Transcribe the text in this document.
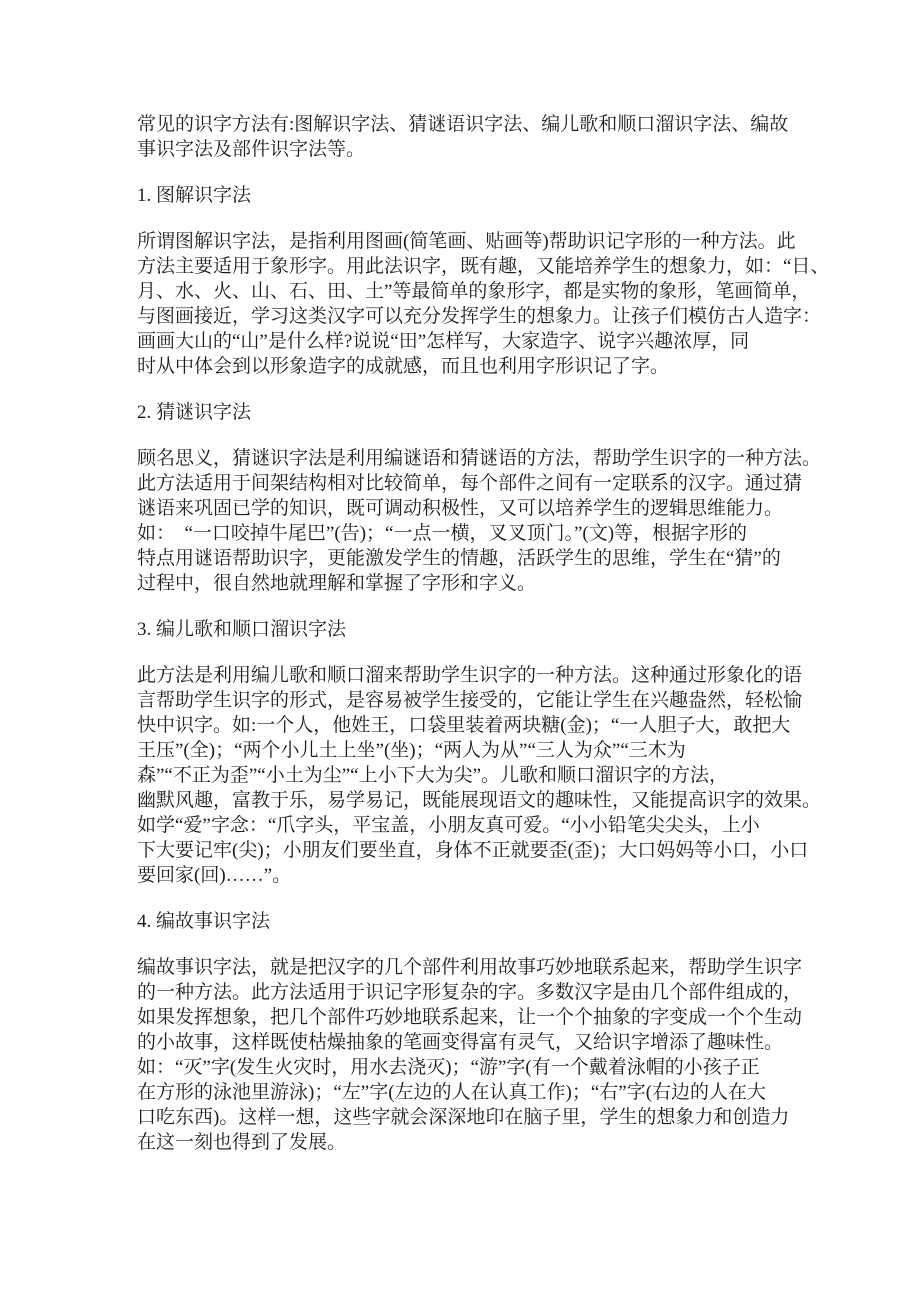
常见的识字方法有:图解识字法、猜谜语识字法、编儿歌和顺口溜识字法、编故
事识字法及部件识字法等。
1. 图解识字法
所谓图解识字法，是指利用图画(简笔画、贴画等)帮助识记字形的一种方法。此
方法主要适用于象形字。用此法识字，既有趣，又能培养学生的想象力，如：“日、
月、水、火、山、石、田、土”等最简单的象形字，都是实物的象形，笔画简单，
与图画接近，学习这类汉字可以充分发挥学生的想象力。让孩子们模仿古人造字：
画画大山的“山”是什么样?说说“田”怎样写，大家造字、说字兴趣浓厚，同
时从中体会到以形象造字的成就感，而且也利用字形识记了字。
2. 猜谜识字法
顾名思义，猜谜识字法是利用编谜语和猜谜语的方法，帮助学生识字的一种方法。
此方法适用于间架结构相对比较简单，每个部件之间有一定联系的汉字。通过猜
谜语来巩固已学的知识，既可调动积极性，又可以培养学生的逻辑思维能力。
如：　“一口咬掉牛尾巴”(告)；“一点一横，叉叉顶门。”(文)等，根据字形的
特点用谜语帮助识字，更能激发学生的情趣，活跃学生的思维，学生在“猜”的
过程中，很自然地就理解和掌握了字形和字义。
3. 编儿歌和顺口溜识字法
此方法是利用编儿歌和顺口溜来帮助学生识字的一种方法。这种通过形象化的语
言帮助学生识字的形式，是容易被学生接受的，它能让学生在兴趣盎然，轻松愉
快中识字。如:一个人，他姓王，口袋里装着两块糖(金)；“一人胆子大，敢把大
王压”(全)；“两个小儿土上坐”(坐)；“两人为从”“三人为众”“三木为
森”“不正为歪”“小土为尘”“上小下大为尖”。儿歌和顺口溜识字的方法，
幽默风趣，富教于乐，易学易记，既能展现语文的趣味性，又能提高识字的效果。
如学“爱”字念：“爪字头，平宝盖，小朋友真可爱。“小小铅笔尖尖头，上小
下大要记牢(尖)；小朋友们要坐直，身体不正就要歪(歪)；大口妈妈等小口，小口
要回家(回)……”。
4. 编故事识字法
编故事识字法，就是把汉字的几个部件利用故事巧妙地联系起来，帮助学生识字
的一种方法。此方法适用于识记字形复杂的字。多数汉字是由几个部件组成的，
如果发挥想象，把几个部件巧妙地联系起来，让一个个抽象的字变成一个个生动
的小故事，这样既使枯燥抽象的笔画变得富有灵气，又给识字增添了趣味性。
如：“灭”字(发生火灾时，用水去浇灭)；“游”字(有一个戴着泳帽的小孩子正
在方形的泳池里游泳)；“左”字(左边的人在认真工作)；“右”字(右边的人在大
口吃东西)。这样一想，这些字就会深深地印在脑子里，学生的想象力和创造力
在这一刻也得到了发展。
